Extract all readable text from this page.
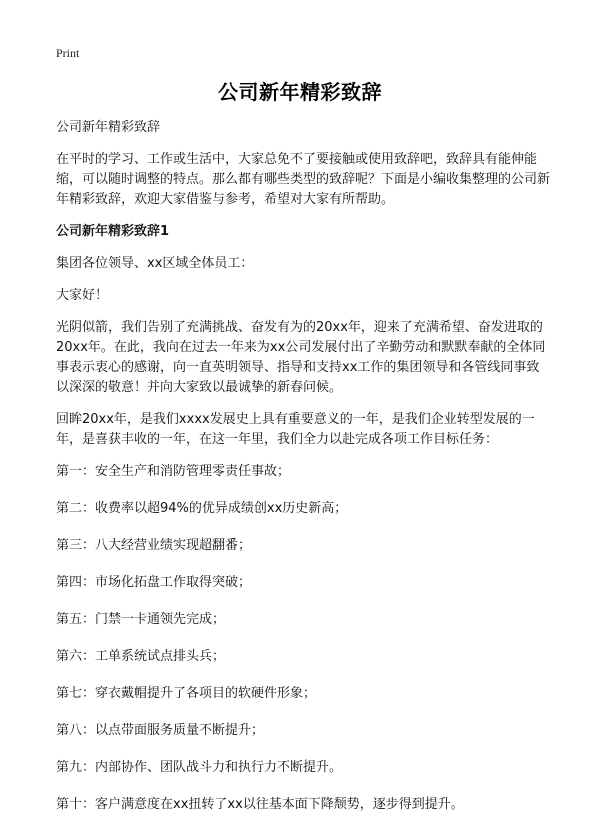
Print
公司新年精彩致辞

公司新年精彩致辞

在平时的学习、工作或生活中，大家总免不了要接触或使用致辞吧，致辞具有能伸能缩，可以随时调整的特点。那么都有哪些类型的致辞呢？下面是小编收集整理的公司新年精彩致辞，欢迎大家借鉴与参考，希望对大家有所帮助。

公司新年精彩致辞1

集团各位领导、xx区域全体员工：

大家好！

光阴似箭，我们告别了充满挑战、奋发有为的20xx年，迎来了充满希望、奋发进取的20xx年。在此，我向在过去一年来为xx公司发展付出了辛勤劳动和默默奉献的全体同事表示衷心的感谢，向一直英明领导、指导和支持xx工作的集团领导和各管线同事致以深深的敬意！并向大家致以最诚挚的新春问候。

回眸20xx年，是我们xxxx发展史上具有重要意义的一年，是我们企业转型发展的一年，是喜获丰收的一年，在这一年里，我们全力以赴完成各项工作目标任务：

第一：安全生产和消防管理零责任事故；

第二：收费率以超94%的优异成绩创xx历史新高；

第三：八大经营业绩实现超翻番；

第四：市场化拓盘工作取得突破；

第五：门禁一卡通领先完成；

第六：工单系统试点排头兵；

第七：穿衣戴帽提升了各项目的软硬件形象；

第八：以点带面服务质量不断提升；

第九：内部协作、团队战斗力和执行力不断提升。

第十：客户满意度在xx扭转了xx以往基本面下降颓势，逐步得到提升。
